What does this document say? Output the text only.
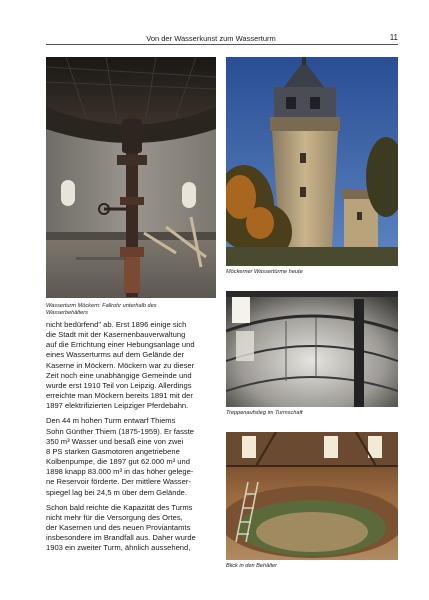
Von der Wasserkunst zum Wasserturm	11
Wasserturm Möckern: Fallrohr unterhalb des
Wasserbehälters
Möckerner Wassertürme heute
Treppenaufstieg im Turmschaft
Blick in den Behälter

nicht bedürfend" ab. Erst 1896 einige sich
die Stadt mit der Kasernenbauverwaltung
auf die Errichtung einer Hebungsanlage und
eines Wasserturms auf dem Gelände der
Kaserne in Möckern. Möckern war zu dieser
Zeit noch eine unabhängige Gemeinde und
wurde erst 1910 Teil von Leipzig. Allerdings
erreichte man Möckern bereits 1891 mit der
1897 elektrifizierten Leipziger Pferdebahn.

Den 44 m hohen Turm entwarf Thiems
Sohn Günther Thiem (1875-1959). Er fasste
350 m³ Wasser und besaß eine von zwei
8 PS starken Gasmotoren angetriebene
Kolbenpumpe, die 1897 gut 62.000 m³ und
1898 knapp 83.000 m³ in das höher gelege-
ne Reservoir förderte. Der mittlere Wasser-
spiegel lag bei 24,5 m über dem Gelände.

Schon bald reichte die Kapazität des Turms
nicht mehr für die Versorgung des Ortes,
der Kasernen und des neuen Proviantamts
insbesondere im Brandfall aus. Daher wurde
1903 ein zweiter Turm, ähnlich aussehend,
